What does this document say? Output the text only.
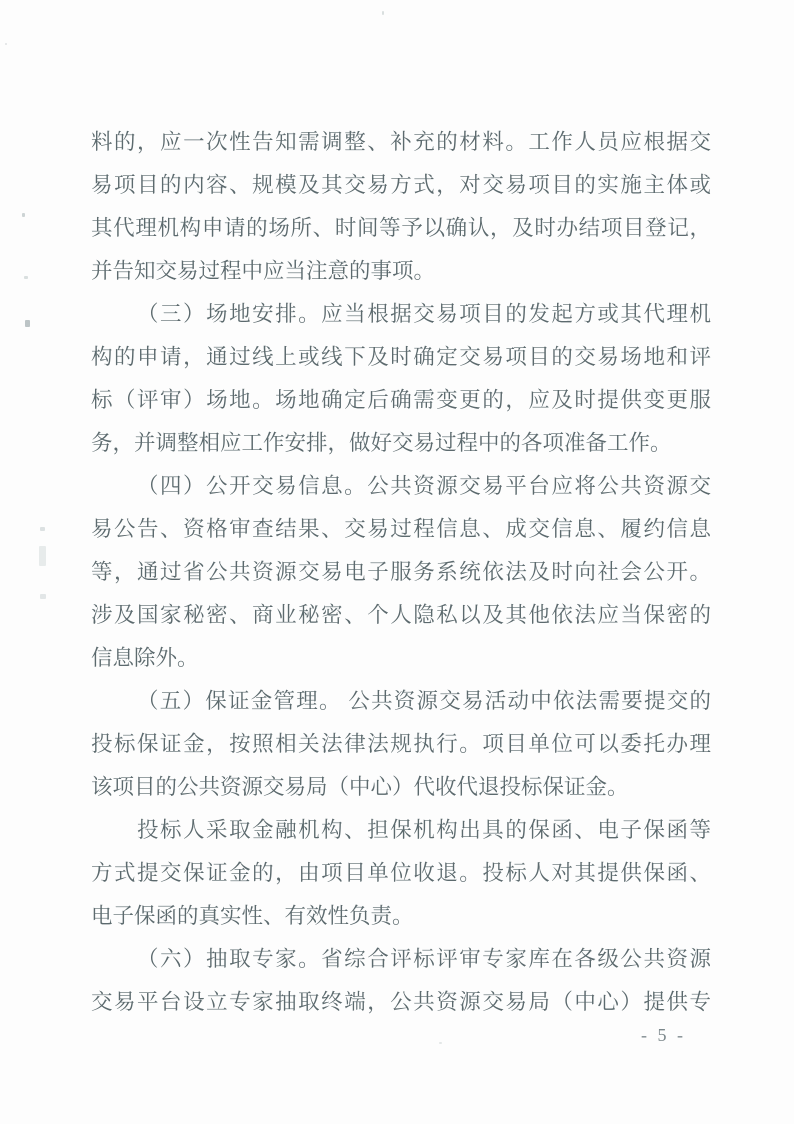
料的，应一次性告知需调整、补充的材料。工作人员应根据交
易项目的内容、规模及其交易方式，对交易项目的实施主体或
其代理机构申请的场所、时间等予以确认，及时办结项目登记，
并告知交易过程中应当注意的事项。
（三）场地安排。应当根据交易项目的发起方或其代理机
构的申请，通过线上或线下及时确定交易项目的交易场地和评
标（评审）场地。场地确定后确需变更的，应及时提供变更服
务，并调整相应工作安排，做好交易过程中的各项准备工作。
（四）公开交易信息。公共资源交易平台应将公共资源交
易公告、资格审查结果、交易过程信息、成交信息、履约信息
等，通过省公共资源交易电子服务系统依法及时向社会公开。
涉及国家秘密、商业秘密、个人隐私以及其他依法应当保密的
信息除外。
（五）保证金管理。 公共资源交易活动中依法需要提交的
投标保证金，按照相关法律法规执行。项目单位可以委托办理
该项目的公共资源交易局（中心）代收代退投标保证金。
投标人采取金融机构、担保机构出具的保函、电子保函等
方式提交保证金的，由项目单位收退。投标人对其提供保函、
电子保函的真实性、有效性负责。
（六）抽取专家。省综合评标评审专家库在各级公共资源
交易平台设立专家抽取终端，公共资源交易局（中心）提供专
- 5 -
